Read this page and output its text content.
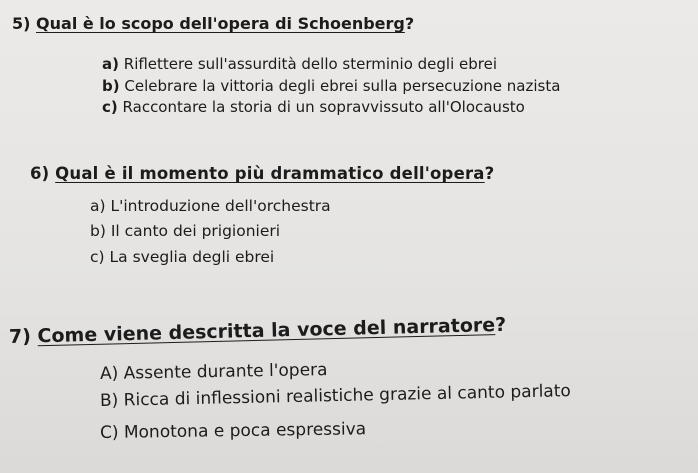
5) Qual è lo scopo dell'opera di Schoenberg?
a) Riflettere sull'assurdità dello sterminio degli ebrei
b) Celebrare la vittoria degli ebrei sulla persecuzione nazista
c) Raccontare la storia di un sopravvissuto all'Olocausto
6) Qual è il momento più drammatico dell'opera?
a) L'introduzione dell'orchestra
b) Il canto dei prigionieri
c) La sveglia degli ebrei
7) Come viene descritta la voce del narratore?
A) Assente durante l'opera
B) Ricca di inflessioni realistiche grazie al canto parlato
C) Monotona e poca espressiva
